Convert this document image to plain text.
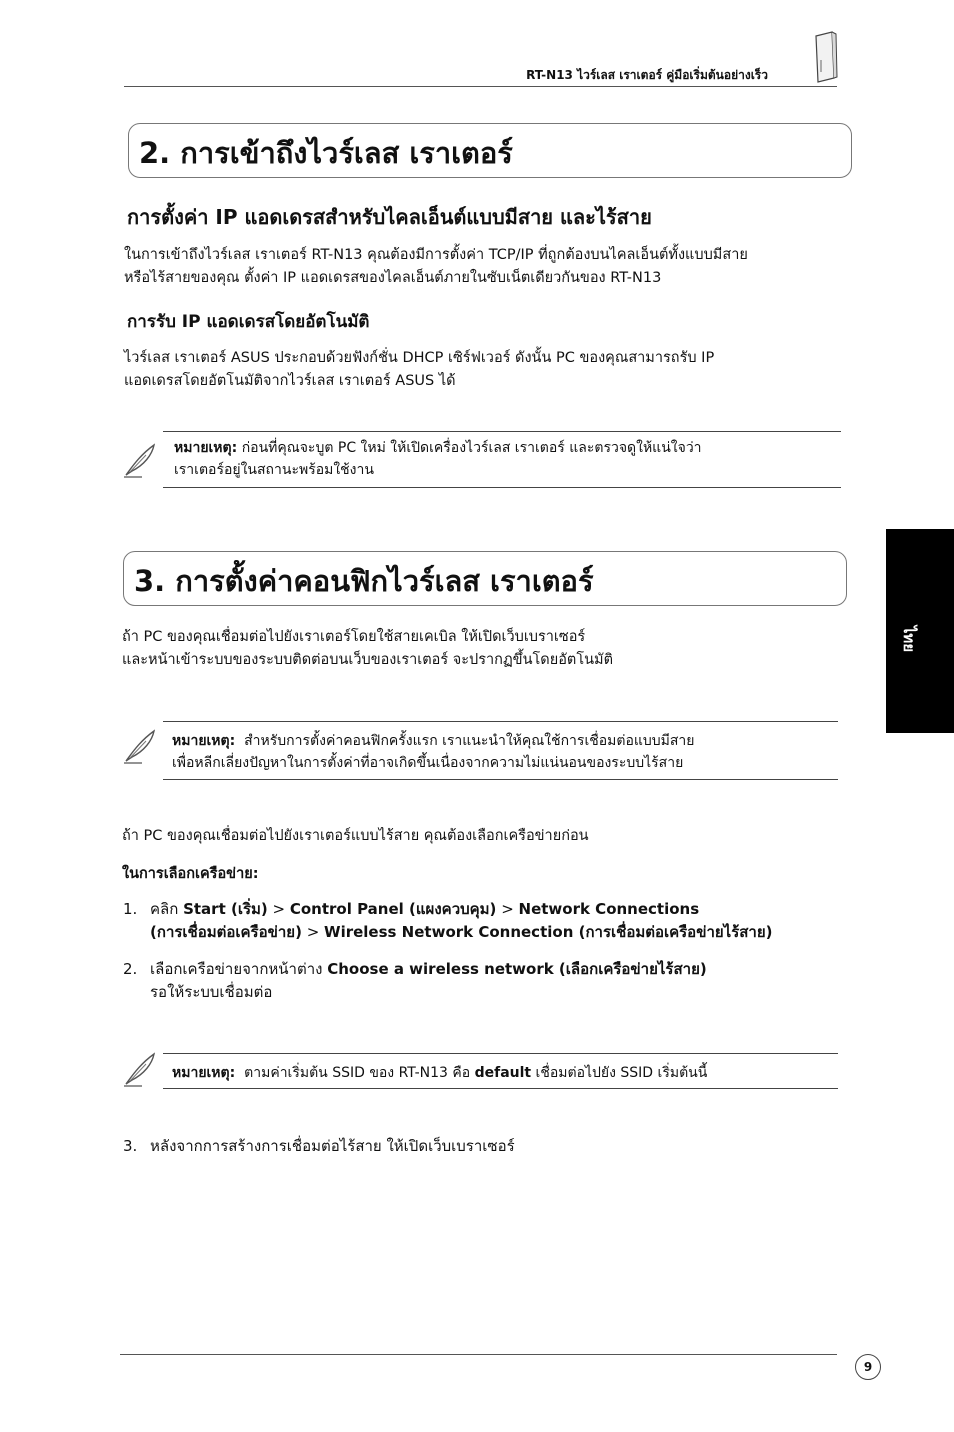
RT-N13 ไวร์เลส เราเตอร์ คู่มือเริ่มต้นอย่างเร็ว
2. การเข้าถึงไวร์เลส เราเตอร์
การตั้งค่า IP แอดเดรสสำหรับไคลเอ็นต์แบบมีสาย และไร้สาย
ในการเข้าถึงไวร์เลส เราเตอร์ RT-N13 คุณต้องมีการตั้งค่า TCP/IP ที่ถูกต้องบนไคลเอ็นต์ทั้งแบบมีสาย
หรือไร้สายของคุณ ตั้งค่า IP แอดเดรสของไคลเอ็นต์ภายในซับเน็ตเดียวกันของ RT-N13
การรับ IP แอดเดรสโดยอัตโนมัติ
ไวร์เลส เราเตอร์ ASUS ประกอบด้วยฟังก์ชั่น DHCP เซิร์ฟเวอร์ ดังนั้น PC ของคุณสามารถรับ IP
แอดเดรสโดยอัตโนมัติจากไวร์เลส เราเตอร์ ASUS ได้
หมายเหตุ: ก่อนที่คุณจะบูต PC ใหม่ ให้เปิดเครื่องไวร์เลส เราเตอร์ และตรวจดูให้แน่ใจว่า
เราเตอร์อยู่ในสถานะพร้อมใช้งาน
3. การตั้งค่าคอนฟิกไวร์เลส เราเตอร์
ถ้า PC ของคุณเชื่อมต่อไปยังเราเตอร์โดยใช้สายเคเบิล ให้เปิดเว็บเบราเซอร์
และหน้าเข้าระบบของระบบติดต่อบนเว็บของเราเตอร์ จะปรากฏขึ้นโดยอัตโนมัติ
หมายเหตุ: สำหรับการตั้งค่าคอนฟิกครั้งแรก เราแนะนำให้คุณใช้การเชื่อมต่อแบบมีสาย
เพื่อหลีกเลี่ยงปัญหาในการตั้งค่าที่อาจเกิดขึ้นเนื่องจากความไม่แน่นอนของระบบไร้สาย
ถ้า PC ของคุณเชื่อมต่อไปยังเราเตอร์แบบไร้สาย คุณต้องเลือกเครือข่ายก่อน
ในการเลือกเครือข่าย:
1. คลิก Start (เริ่ม) > Control Panel (แผงควบคุม) > Network Connections
(การเชื่อมต่อเครือข่าย) > Wireless Network Connection (การเชื่อมต่อเครือข่ายไร้สาย)
2. เลือกเครือข่ายจากหน้าต่าง Choose a wireless network (เลือกเครือข่ายไร้สาย)
รอให้ระบบเชื่อมต่อ
หมายเหตุ: ตามค่าเริ่มต้น SSID ของ RT-N13 คือ default เชื่อมต่อไปยัง SSID เริ่มต้นนี้
3. หลังจากการสร้างการเชื่อมต่อไร้สาย ให้เปิดเว็บเบราเซอร์
ไทย
9
